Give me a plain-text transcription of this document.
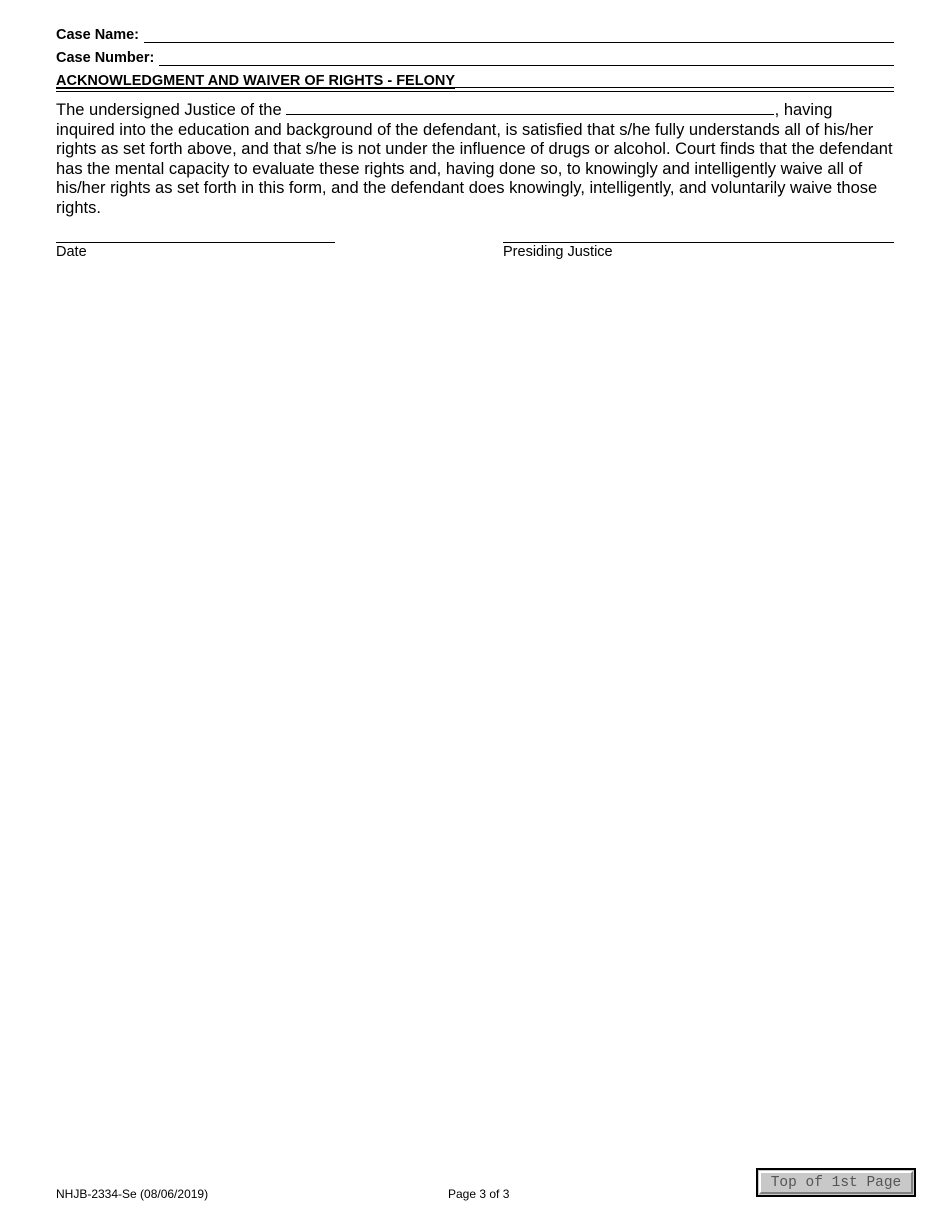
Case Name:
Case Number:
ACKNOWLEDGMENT AND WAIVER OF RIGHTS - FELONY
The undersigned Justice of the	, having inquired into the education and background of the defendant, is satisfied that s/he fully understands all of his/her rights as set forth above, and that s/he is not under the influence of drugs or alcohol. Court finds that the defendant has the mental capacity to evaluate these rights and, having done so, to knowingly and intelligently waive all of his/her rights as set forth in this form, and the defendant does knowingly, intelligently, and voluntarily waive those rights.
Date	Presiding Justice
NHJB-2334-Se (08/06/2019)	Page 3 of 3
Top of 1st Page
